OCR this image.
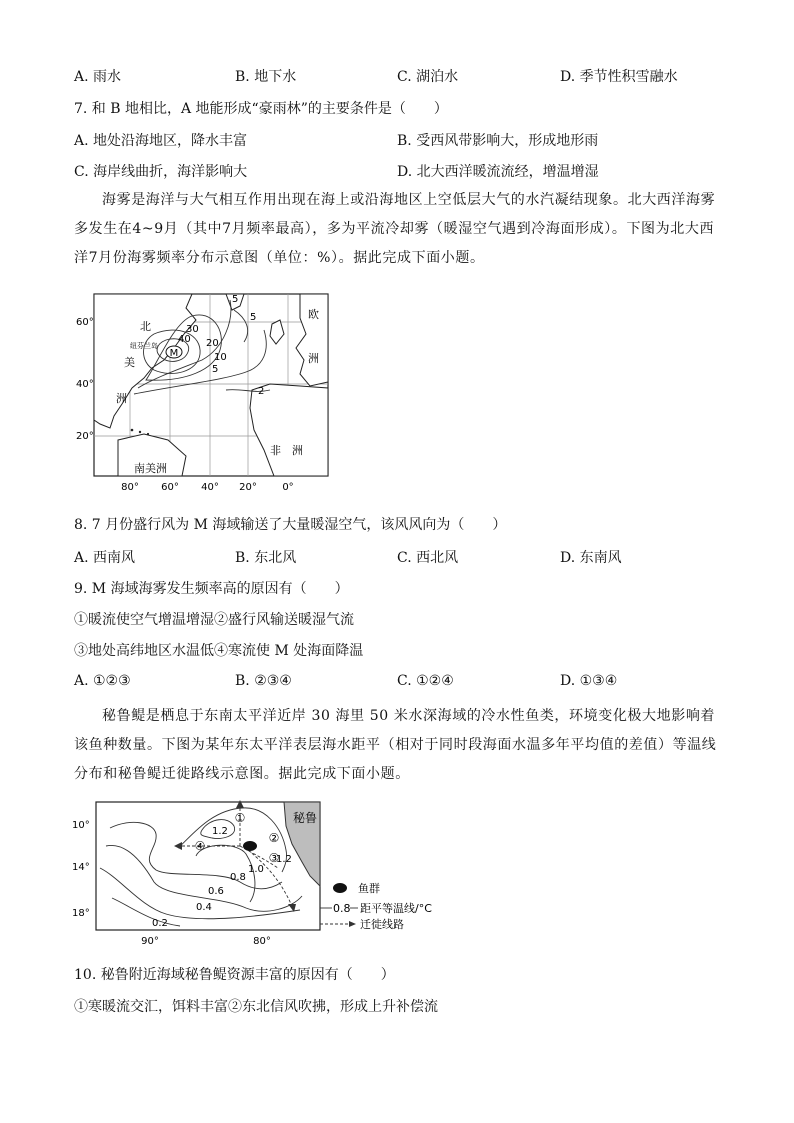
A. 雨水	B. 地下水	C. 湖泊水	D. 季节性积雪融水
7. 和 B 地相比，A 地能形成“豪雨林”的主要条件是（　　）
A. 地处沿海地区，降水丰富	B. 受西风带影响大，形成地形雨
C. 海岸线曲折，海洋影响大	D. 北大西洋暖流流经，增温增湿

海雾是海洋与大气相互作用出现在海上或沿海地区上空低层大气的水汽凝结现象。北大西洋海雾多发生在4~9月（其中7月频率最高），多为平流冷却雾（暖湿空气遇到冷海面形成）。下图为北大西洋7月份海雾频率分布示意图（单位：%）。据此完成下面小题。

M
30
20
10
40
5
5
2
5
北
美
洲
纽芬兰岛
欧
洲
非 洲
南美洲
60°
40°
20°
80° 60° 40° 20°	0°
8. 7 月份盛行风为 M 海域输送了大量暖湿空气，该风风向为（　　）
A. 西南风	B. 东北风	C. 西北风	D. 东南风
9. M 海域海雾发生频率高的原因有（　　）
①暖流使空气增温增湿②盛行风输送暖湿气流
③地处高纬地区水温低④寒流使 M 处海面降温
A. ①②③	B. ②③④	C. ①②④	D. ①③④

秘鲁鳀是栖息于东南太平洋近岸 30 海里 50 米水深海域的冷水性鱼类，环境变化极大地影响着该鱼种数量。下图为某年东太平洋表层海水距平（相对于同时段海面水温多年平均值的差值）等温线分布和秘鲁鳀迁徙路线示意图。据此完成下面小题。

秘鲁
①
②
③
④
1.2
1.0
0.8
0.6
0.4
0.2
1.2
10°
14°
18°
90°	80°
鱼群
0.8 距平等温线/°C
迁徙线路
10. 秘鲁附近海域秘鲁鳀资源丰富的原因有（　　）
①寒暖流交汇，饵料丰富②东北信风吹拂，形成上升补偿流
